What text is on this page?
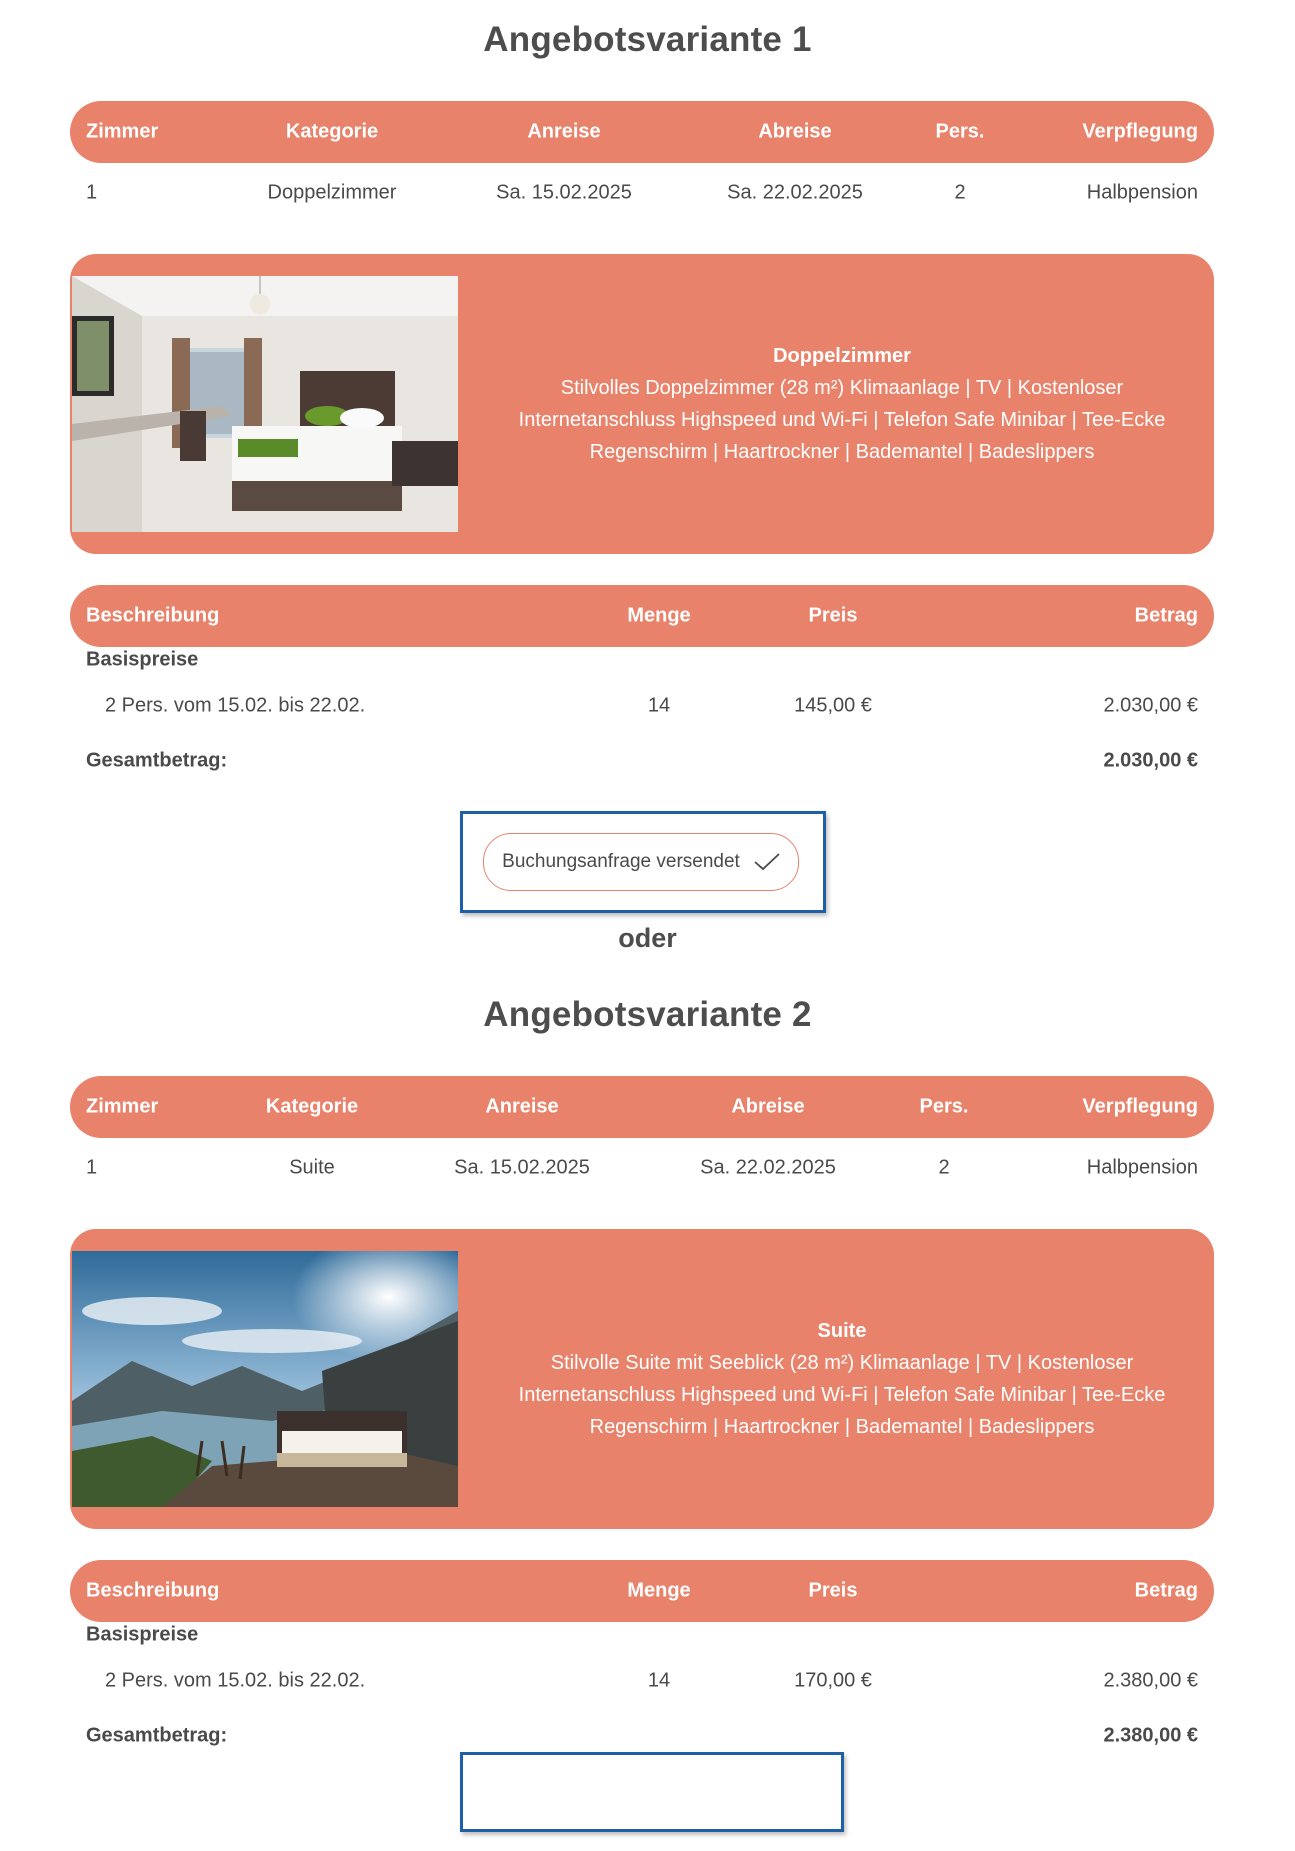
Angebotsvariante 1
Zimmer	Kategorie	Anreise	Abreise	Pers.	Verpflegung
1	Doppelzimmer	Sa. 15.02.2025	Sa. 22.02.2025	2	Halbpension
Doppelzimmer
Stilvolles Doppelzimmer (28 m²) Klimaanlage | TV | Kostenloser Internetanschluss Highspeed und Wi-Fi | Telefon Safe Minibar | Tee-Ecke Regenschirm | Haartrockner | Bademantel | Badeslippers
Beschreibung	Menge	Preis	Betrag
Basispreise
2 Pers. vom 15.02. bis 22.02.	14	145,00 €	2.030,00 €
Gesamtbetrag:	2.030,00 €
Buchungsanfrage versendet
oder
Angebotsvariante 2
Zimmer	Kategorie	Anreise	Abreise	Pers.	Verpflegung
1	Suite	Sa. 15.02.2025	Sa. 22.02.2025	2	Halbpension
Suite
Stilvolle Suite mit Seeblick (28 m²) Klimaanlage | TV | Kostenloser Internetanschluss Highspeed und Wi-Fi | Telefon Safe Minibar | Tee-Ecke Regenschirm | Haartrockner | Bademantel | Badeslippers
Beschreibung	Menge	Preis	Betrag
Basispreise
2 Pers. vom 15.02. bis 22.02.	14	170,00 €	2.380,00 €
Gesamtbetrag:	2.380,00 €
